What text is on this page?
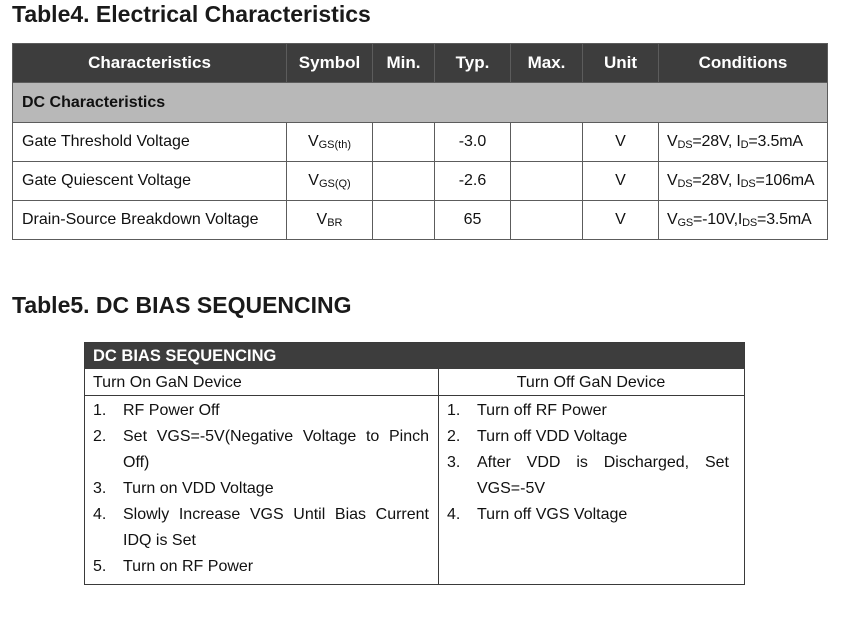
Table4. Electrical Characteristics
Characteristics	Symbol	Min.	Typ.	Max.	Unit	Conditions
DC Characteristics						
Gate Threshold Voltage	VGS(th)		-3.0		V	VDS=28V, ID=3.5mA
Gate Quiescent Voltage	VGS(Q)		-2.6		V	VDS=28V, IDS=106mA
Drain-Source Breakdown Voltage	VBR		65		V	VGS=-10V,IDS=3.5mA
Table5. DC BIAS SEQUENCING
DC BIAS SEQUENCING
Turn On GaN Device	Turn Off GaN Device
1. RF Power Off
2. Set VGS=-5V(Negative Voltage to Pinch Off)
3. Turn on VDD Voltage
4. Slowly Increase VGS Until Bias Current IDQ is Set
5. Turn on RF Power
1. Turn off RF Power
2. Turn off VDD Voltage
3. After VDD is Discharged, Set VGS=-5V
4. Turn off VGS Voltage
